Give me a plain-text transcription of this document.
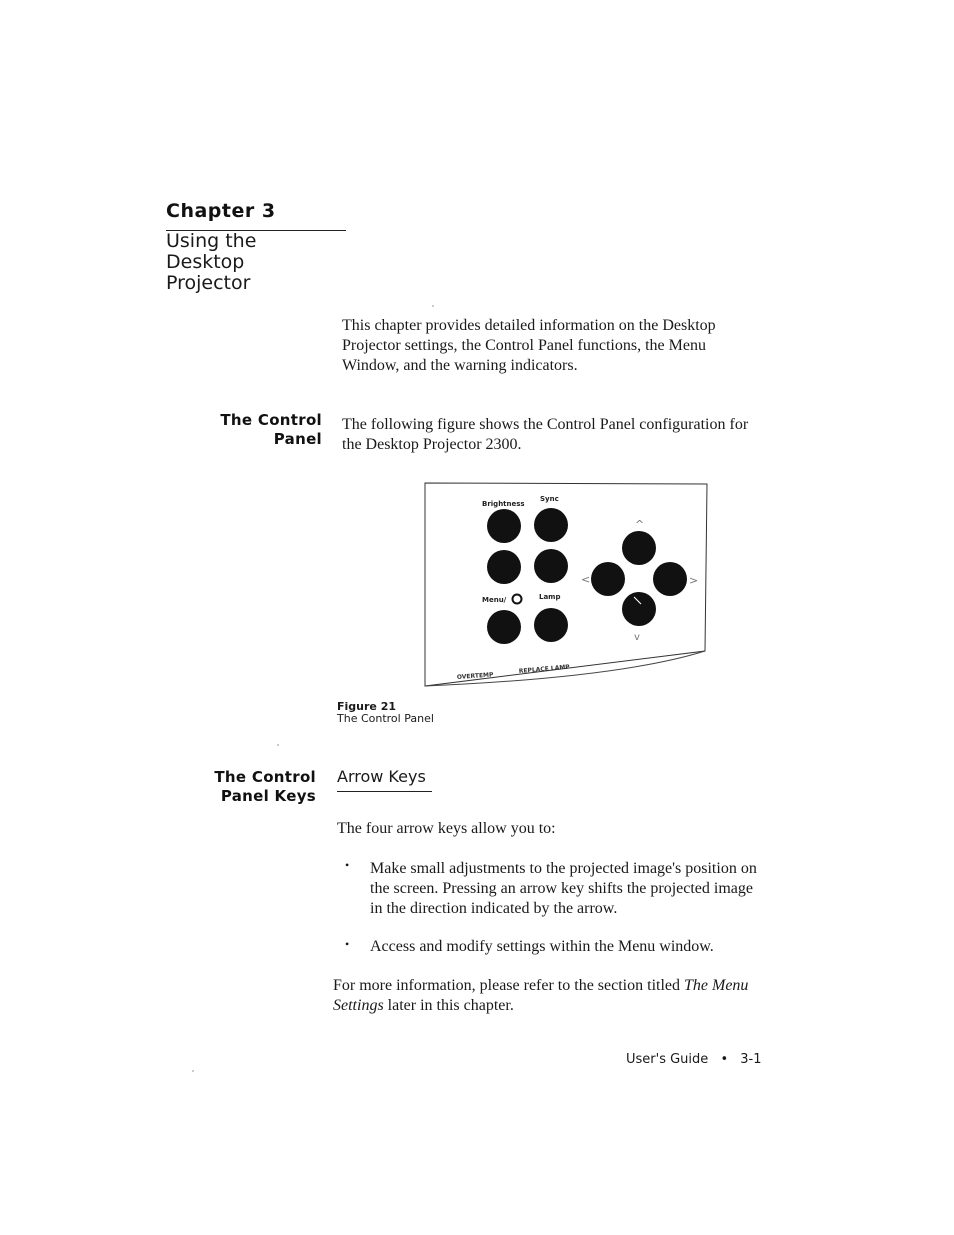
Chapter 3
Using the
Desktop
Projector
This chapter provides detailed information on the Desktop
Projector settings, the Control Panel functions, the Menu
Window, and the warning indicators.
The Control
Panel
The following figure shows the Control Panel configuration for
the Desktop Projector 2300.
Brightness
Sync
Menu/	Lamp
^
<	>
v
OVERTEMP
REPLACE LAMP
Figure 21
The Control Panel
The Control
Panel Keys
Arrow Keys
The four arrow keys allow you to:
• Make small adjustments to the projected image's position on
the screen. Pressing an arrow key shifts the projected image
in the direction indicated by the arrow.
• Access and modify settings within the Menu window.
For more information, please refer to the section titled The Menu
Settings later in this chapter.
User's Guide • 3-1
